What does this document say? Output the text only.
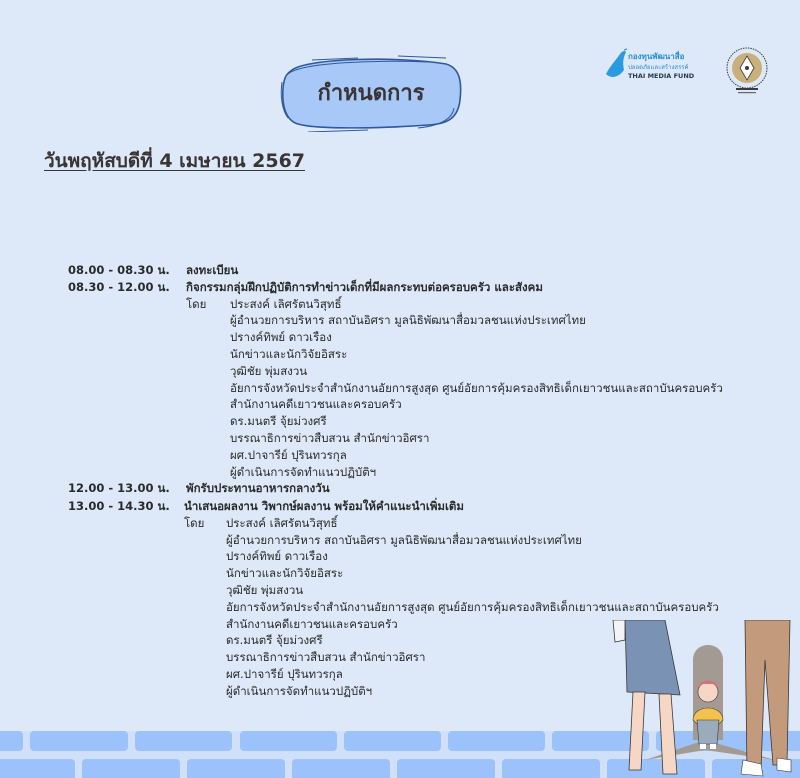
กำหนดการ
กองทุนพัฒนาสื่อ
ปลอดภัยและสร้างสรรค์
THAI MEDIA FUND
วันพฤหัสบดีที่ 4 เมษายน 2567
08.00 - 08.30 น. ลงทะเบียน
08.30 - 12.00 น. กิจกรรมกลุ่มฝึกปฏิบัติการทำข่าวเด็กที่มีผลกระทบต่อครอบครัว และสังคม
โดย ประสงค์ เลิศรัตนวิสุทธิ์
ผู้อำนวยการบริหาร สถาบันอิศรา มูลนิธิพัฒนาสื่อมวลชนแห่งประเทศไทย
ปรางค์ทิพย์ ดาวเรือง
นักข่าวและนักวิจัยอิสระ
วุฒิชัย พุ่มสงวน
อัยการจังหวัดประจำสำนักงานอัยการสูงสุด ศูนย์อัยการคุ้มครองสิทธิเด็กเยาวชนและสถาบันครอบครัว
สำนักงานคดีเยาวชนและครอบครัว
ดร.มนตรี จุ้ยม่วงศรี
บรรณาธิการข่าวสืบสวน สำนักข่าวอิศรา
ผศ.ปาจารีย์ ปุรินทวรกุล
ผู้ดำเนินการจัดทำแนวปฏิบัติฯ
12.00 - 13.00 น. พักรับประทานอาหารกลางวัน
13.00 - 14.30 น. นำเสนอผลงาน วิพากษ์ผลงาน พร้อมให้คำแนะนำเพิ่มเติม
โดย ประสงค์ เลิศรัตนวิสุทธิ์
ผู้อำนวยการบริหาร สถาบันอิศรา มูลนิธิพัฒนาสื่อมวลชนแห่งประเทศไทย
ปรางค์ทิพย์ ดาวเรือง
นักข่าวและนักวิจัยอิสระ
วุฒิชัย พุ่มสงวน
อัยการจังหวัดประจำสำนักงานอัยการสูงสุด ศูนย์อัยการคุ้มครองสิทธิเด็กเยาวชนและสถาบันครอบครัว
สำนักงานคดีเยาวชนและครอบครัว
ดร.มนตรี จุ้ยม่วงศรี
บรรณาธิการข่าวสืบสวน สำนักข่าวอิศรา
ผศ.ปาจารีย์ ปุรินทวรกุล
ผู้ดำเนินการจัดทำแนวปฏิบัติฯ
